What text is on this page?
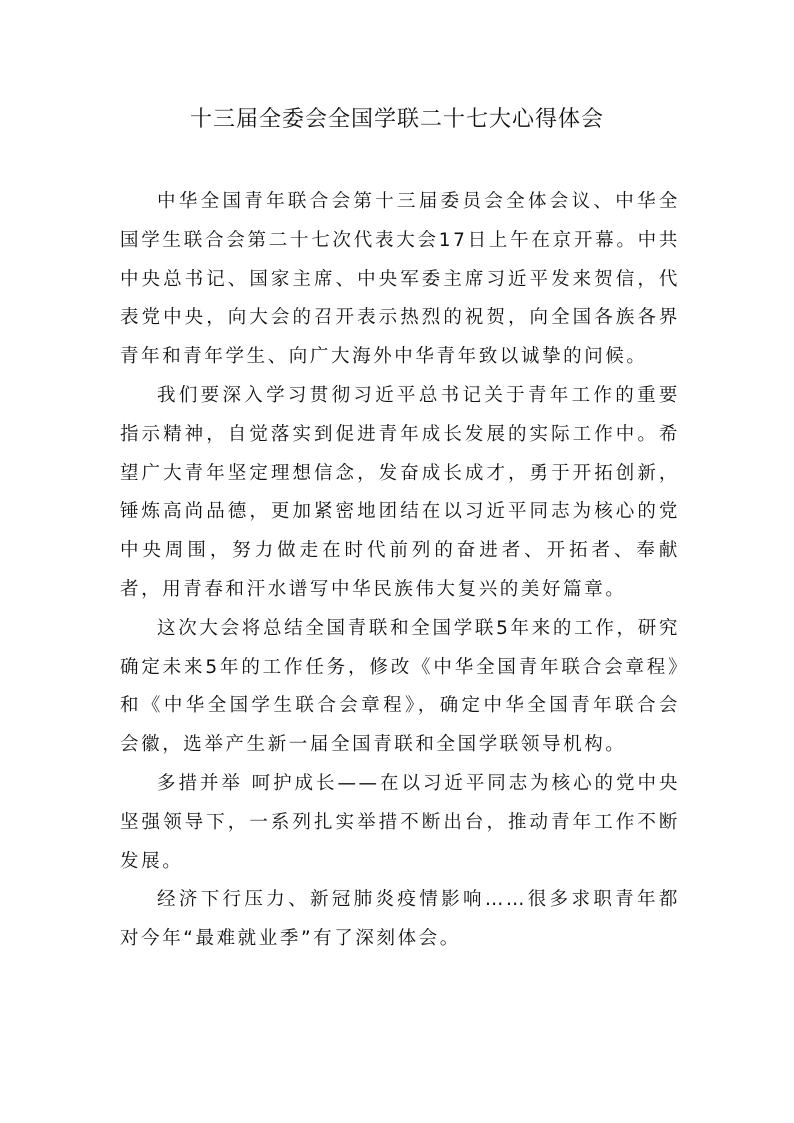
十三届全委会全国学联二十七大心得体会

中华全国青年联合会第十三届委员会全体会议、中华全国学生联合会第二十七次代表大会17日上午在京开幕。中共中央总书记、国家主席、中央军委主席习近平发来贺信，代表党中央，向大会的召开表示热烈的祝贺，向全国各族各界青年和青年学生、向广大海外中华青年致以诚挚的问候。

我们要深入学习贯彻习近平总书记关于青年工作的重要指示精神，自觉落实到促进青年成长发展的实际工作中。希望广大青年坚定理想信念，发奋成长成才，勇于开拓创新，锤炼高尚品德，更加紧密地团结在以习近平同志为核心的党中央周围，努力做走在时代前列的奋进者、开拓者、奉献者，用青春和汗水谱写中华民族伟大复兴的美好篇章。

这次大会将总结全国青联和全国学联5年来的工作，研究确定未来5年的工作任务，修改《中华全国青年联合会章程》和《中华全国学生联合会章程》，确定中华全国青年联合会会徽，选举产生新一届全国青联和全国学联领导机构。

多措并举 呵护成长——在以习近平同志为核心的党中央坚强领导下，一系列扎实举措不断出台，推动青年工作不断发展。

经济下行压力、新冠肺炎疫情影响……很多求职青年都对今年“最难就业季”有了深刻体会。
